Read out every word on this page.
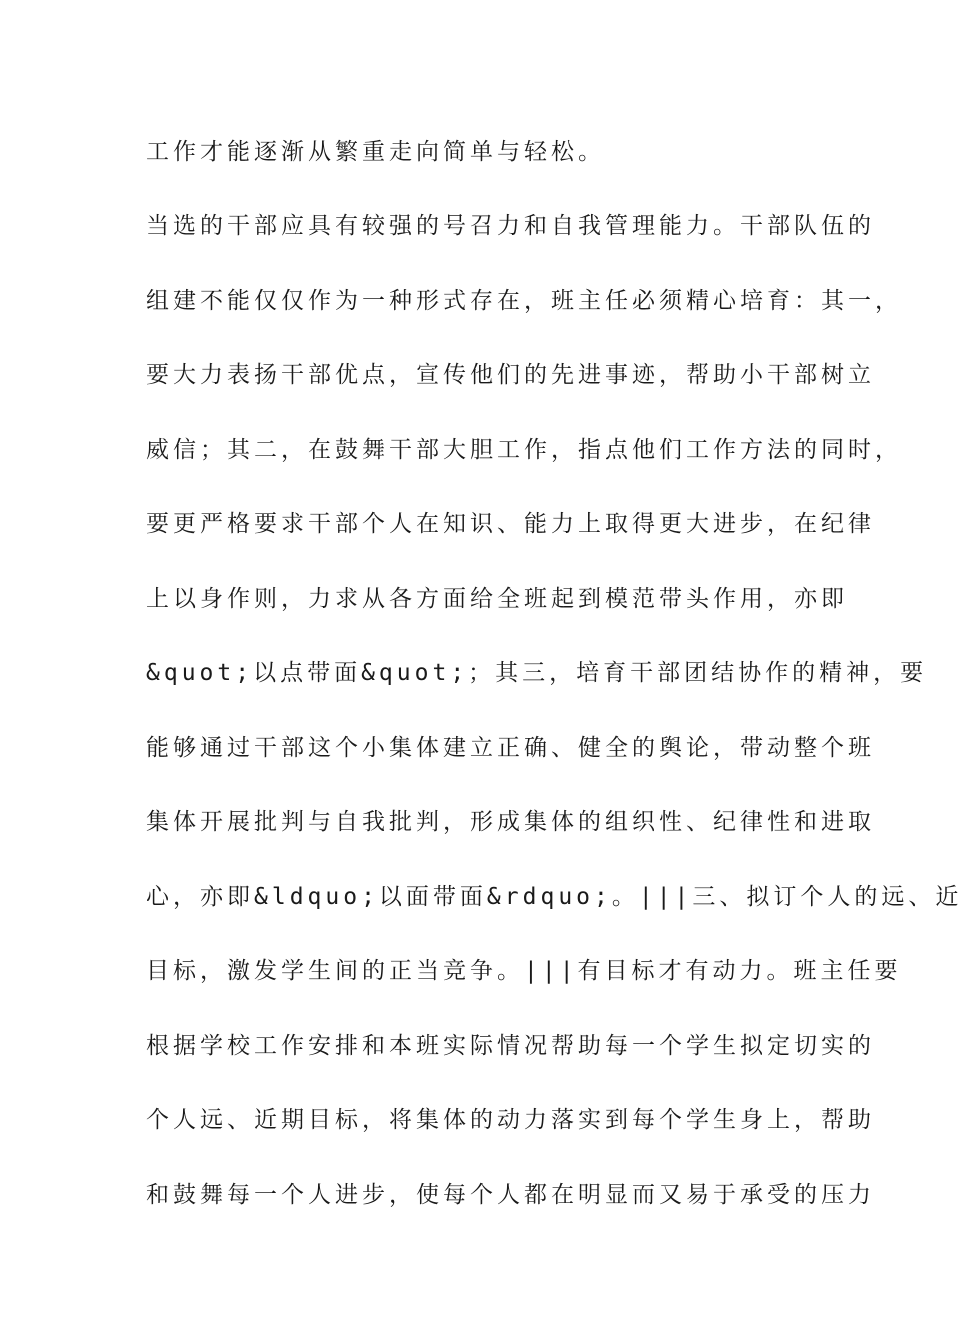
工作才能逐渐从繁重走向简单与轻松。
当选的干部应具有较强的号召力和自我管理能力。干部队伍的
组建不能仅仅作为一种形式存在，班主任必须精心培育：其一，
要大力表扬干部优点，宣传他们的先进事迹，帮助小干部树立
威信；其二，在鼓舞干部大胆工作，指点他们工作方法的同时，
要更严格要求干部个人在知识、能力上取得更大进步，在纪律
上以身作则，力求从各方面给全班起到模范带头作用，亦即
&quot;以点带面&quot;；其三，培育干部团结协作的精神，要
能够通过干部这个小集体建立正确、健全的舆论，带动整个班
集体开展批判与自我批判，形成集体的组织性、纪律性和进取
心，亦即&ldquo;以面带面&rdquo;。|||三、拟订个人的远、近
目标，激发学生间的正当竞争。|||有目标才有动力。班主任要
根据学校工作安排和本班实际情况帮助每一个学生拟定切实的
个人远、近期目标，将集体的动力落实到每个学生身上，帮助
和鼓舞每一个人进步，使每个人都在明显而又易于承受的压力
